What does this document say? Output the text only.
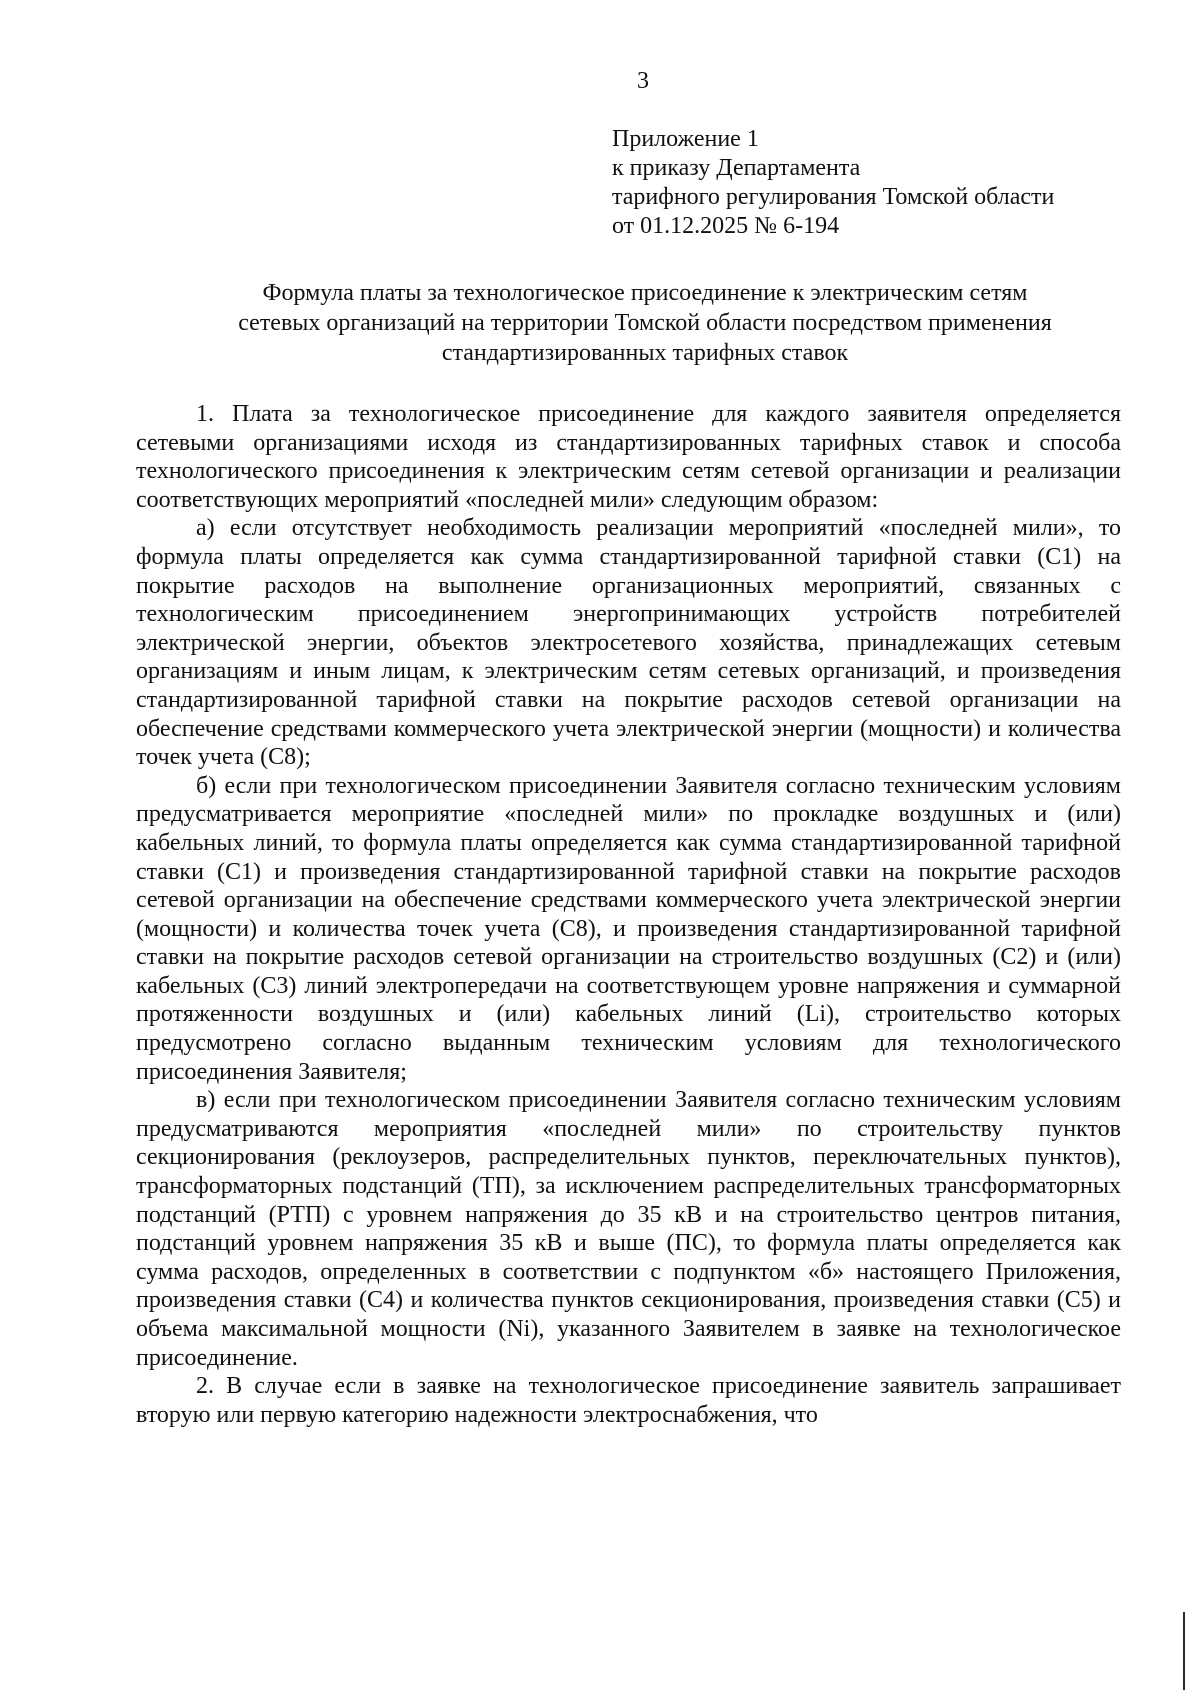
3
Приложение 1
к приказу Департамента
тарифного регулирования Томской области
от 01.12.2025 № 6-194
Формула платы за технологическое присоединение к электрическим сетям
сетевых организаций на территории Томской области посредством применения
стандартизированных тарифных ставок

1. Плата за технологическое присоединение для каждого заявителя определяется сетевыми организациями исходя из стандартизированных тарифных ставок и способа технологического присоединения к электрическим сетям сетевой организации и реализации соответствующих мероприятий «последней мили» следующим образом:

а) если отсутствует необходимость реализации мероприятий «последней мили», то формула платы определяется как сумма стандартизированной тарифной ставки (C1) на покрытие расходов на выполнение организационных мероприятий, связанных с технологическим присоединением энергопринимающих устройств потребителей электрической энергии, объектов электросетевого хозяйства, принадлежащих сетевым организациям и иным лицам, к электрическим сетям сетевых организаций, и произведения стандартизированной тарифной ставки на покрытие расходов сетевой организации на обеспечение средствами коммерческого учета электрической энергии (мощности) и количества точек учета (C8);

б) если при технологическом присоединении Заявителя согласно техническим условиям предусматривается мероприятие «последней мили» по прокладке воздушных и (или) кабельных линий, то формула платы определяется как сумма стандартизированной тарифной ставки (C1) и произведения стандартизированной тарифной ставки на покрытие расходов сетевой организации на обеспечение средствами коммерческого учета электрической энергии (мощности) и количества точек учета (C8), и произведения стандартизированной тарифной ставки на покрытие расходов сетевой организации на строительство воздушных (C2) и (или) кабельных (C3) линий электропередачи на соответствующем уровне напряжения и суммарной протяженности воздушных и (или) кабельных линий (Li), строительство которых предусмотрено согласно выданным техническим условиям для технологического присоединения Заявителя;

в) если при технологическом присоединении Заявителя согласно техническим условиям предусматриваются мероприятия «последней мили» по строительству пунктов секционирования (реклоузеров, распределительных пунктов, переключательных пунктов), трансформаторных подстанций (ТП), за исключением распределительных трансформаторных подстанций (РТП) с уровнем напряжения до 35 кВ и на строительство центров питания, подстанций уровнем напряжения 35 кВ и выше (ПС), то формула платы определяется как сумма расходов, определенных в соответствии с подпунктом «б» настоящего Приложения, произведения ставки (C4) и количества пунктов секционирования, произведения ставки (C5) и объема максимальной мощности (Ni), указанного Заявителем в заявке на технологическое присоединение.

2. В случае если в заявке на технологическое присоединение заявитель запрашивает вторую или первую категорию надежности электроснабжения, что
